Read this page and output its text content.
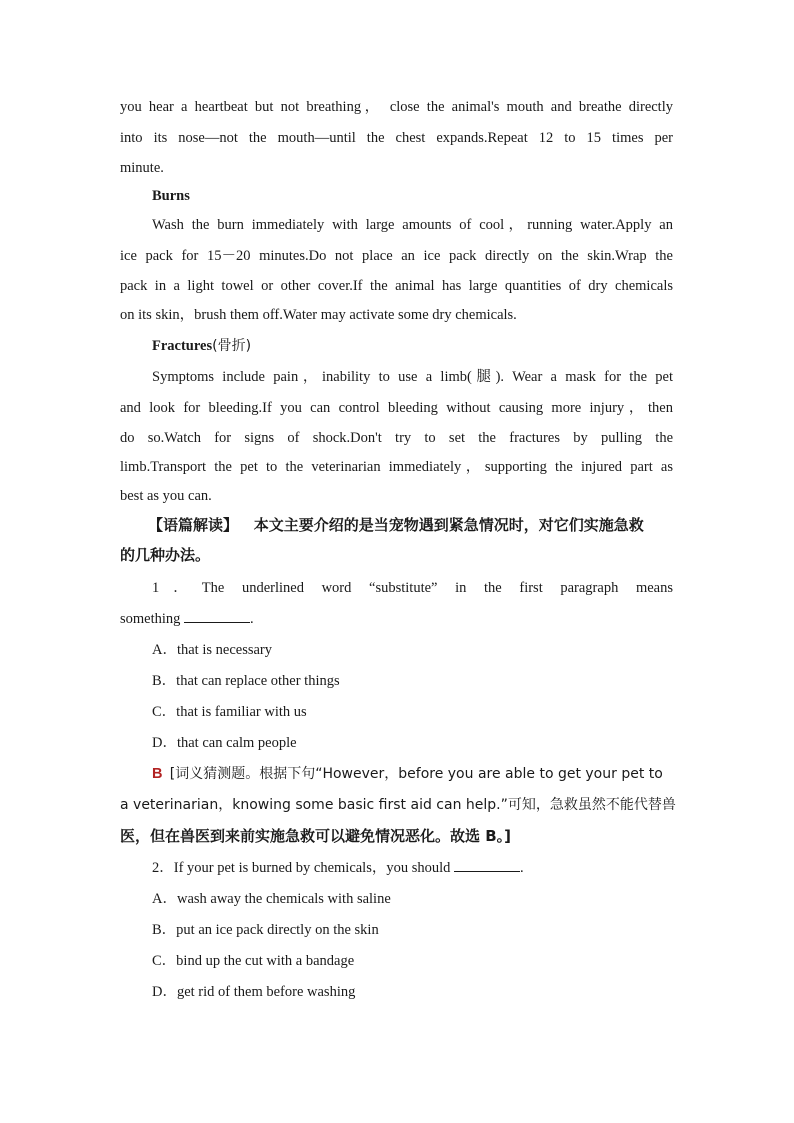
you hear a heartbeat but not breathing， close the animal's mouth and breathe directly
into its nose—not the mouth—until the chest expands.Repeat 12 to 15 times per
minute.
Burns
Wash the burn immediately with large amounts of cool，running water.Apply an
ice pack for 15－20 minutes.Do not place an ice pack directly on the skin.Wrap the
pack in a light towel or other cover.If the animal has large quantities of dry chemicals
on its skin，brush them off.Water may activate some dry chemicals.
Fractures(骨折)
Symptoms include pain，inability to use a limb(腿). Wear a mask for the pet
and look for bleeding.If you can control bleeding without causing more injury，then
do so.Watch for signs of shock.Don't try to set the fractures by pulling the
limb.Transport the pet to the veterinarian immediately，supporting the injured part as
best as you can.
【语篇解读】 本文主要介绍的是当宠物遇到紧急情况时，对它们实施急救
的几种办法。
1．The underlined word “substitute” in the first paragraph means
something	.
A．that is necessary
B．that can replace other things
C．that is familiar with us
D．that can calm people
B [词义猜测题。根据下句“However，before you are able to get your pet to
a veterinarian，knowing some basic first aid can help.”可知，急救虽然不能代替兽
医，但在兽医到来前实施急救可以避免情况恶化。故选 B。]
2．If your pet is burned by chemicals，you should	.
A．wash away the chemicals with saline
B．put an ice pack directly on the skin
C．bind up the cut with a bandage
D．get rid of them before washing
